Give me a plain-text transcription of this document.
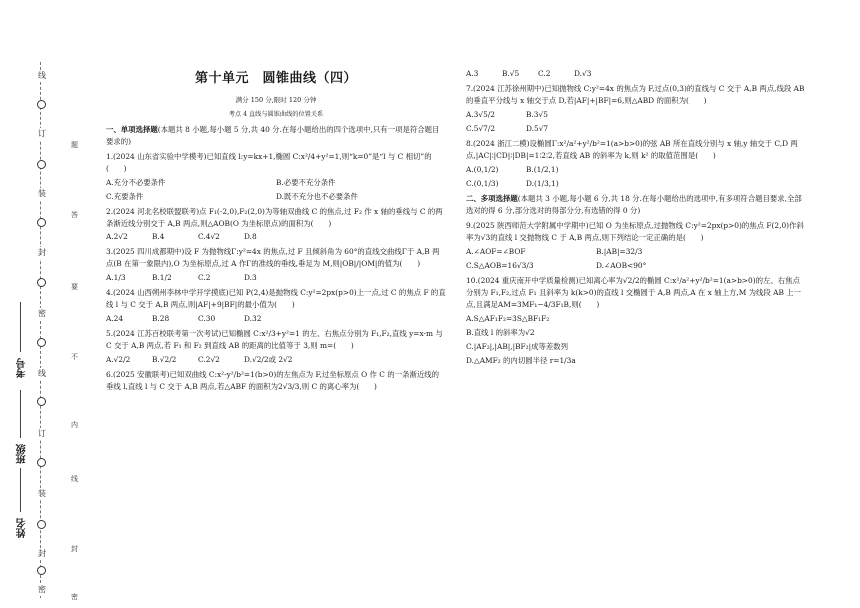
线
订
装
封
密
线
订
装
封
密
题
答
要
不
内
线
封
密
考号
班级
姓名
第十单元　圆锥曲线（四）
满分 150 分,限时 120 分钟
考点 4 直线与圆锥曲线的位置关系

一、单项选择题(本题共 8 小题,每小题 5 分,共 40 分.在每小题给出的四个选项中,只有一项是符合题目要求的)

1.(2024 山东省实验中学模考)已知直线 l:y=kx+1,椭圆 C:x²/4+y²=1,则“k=0”是“l 与 C 相切”的(　　)

A.充分不必要条件	B.必要不充分条件

C.充要条件	D.既不充分也不必要条件

2.(2024 河北名校联盟联考)点 F₁(-2,0),F₂(2,0)为等轴双曲线 C 的焦点,过 F₂ 作 x 轴的垂线与 C 的两条渐近线分别交于 A,B 两点,则△AOB(O 为坐标原点)的面积为(　　)

A.2√2	B.4	C.4√2	D.8

3.(2025 四川成都期中)设 F 为抛物线Γ:y²=4x 的焦点,过 F 且倾斜角为 60°的直线交曲线Γ于 A,B 两点(B 在第一象限内),O 为坐标原点,过 A 作Γ的准线的垂线,垂足为 M,则|OB|/|OM|的值为(　　)

A.1/3	B.1/2	C.2	D.3

4.(2024 山西朔州李林中学开学摸底)已知 P(2,4)是抛物线 C:y²=2px(p>0)上一点,过 C 的焦点 F 的直线 l 与 C 交于 A,B 两点,则|AF|+9|BF|的最小值为(　　)

A.24	B.28	C.30	D.32

5.(2024 江苏百校联考第一次考试)已知椭圆 C:x²/3+y²=1 的左、右焦点分别为 F₁,F₂,直线 y=x-m 与 C 交于 A,B 两点,若 F₁ 和 F₂ 到直线 AB 的距离的比值等于 3,则 m=(　　)

A.√2/2	B.√2/2	C.2√2	D.√2/2或 2√2

6.(2025 安徽联考)已知双曲线 C:x²-y²/b²=1(b>0)的左焦点为 F,过坐标原点 O 作 C 的一条渐近线的垂线 l,直线 l 与 C 交于 A,B 两点,若△ABF 的面积为2√3/3,则 C 的离心率为(　　)

A.3	B.√5	C.2	D.√3

7.(2024 江苏徐州期中)已知抛物线 C:y²=4x 的焦点为 F,过点(0,3)的直线与 C 交于 A,B 两点,线段 AB 的垂直平分线与 x 轴交于点 D,若|AF|+|BF|=6,则△ABD 的面积为(　　)

A.3√5/2	B.3√5

C.5√7/2	D.5√7

8.(2024 浙江二模)设椭圆Γ:x²/a²+y²/b²=1(a>b>0)的弦 AB 所在直线分别与 x 轴,y 轴交于 C,D 两点,|AC|∶|CD|∶|DB|=1∶2∶2,若直线 AB 的斜率为 k,则 k² 的取值范围是(　　)

A.(0,1/2)	B.(1/2,1)

C.(0,1/3)	D.(1/3,1)

二、多项选择题(本题共 3 小题,每小题 6 分,共 18 分.在每小题给出的选项中,有多项符合题目要求,全部选对的得 6 分,部分选对的得部分分,有选错的得 0 分)

9.(2025 陕西师范大学附属中学期中)已知 O 为坐标原点,过抛物线 C:y²=2px(p>0)的焦点 F(2,0)作斜率为√3的直线 l 交抛物线 C 于 A,B 两点,则下列结论一定正确的是(　　)

A.∠AOF=∠BOF	B.|AB|=32/3

C.S△AOB=16√3/3	D.∠AOB<90°

10.(2024 重庆南开中学质量检测)已知离心率为√2/2的椭圆 C:x²/a²+y²/b²=1(a>b>0)的左、右焦点分别为 F₁,F₂,过点 F₁ 且斜率为 k(k>0)的直线 l 交椭圆于 A,B 两点,A 在 x 轴上方,M 为线段 AB 上一点,且满足AM=3MF₁−4/3F₁B,则(　　)

A.S△AF₁F₂=3S△BF₁F₂

B.直线 l 的斜率为√2

C.|AF₂|,|AB|,|BF₂|成等差数列

D.△AMF₂ 的内切圆半径 r=1/3a
